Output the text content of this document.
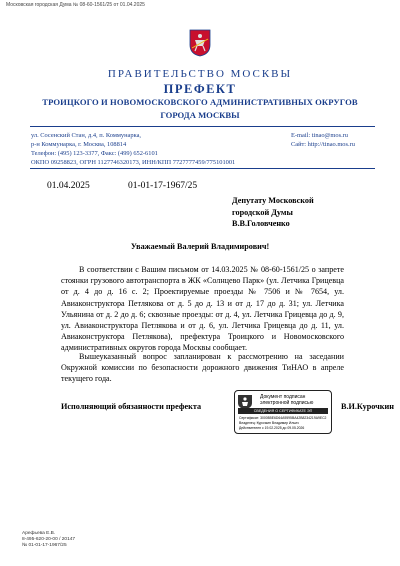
Московская городская Дума № 08-60-1561/25 от 01.04.2025
ПРАВИТЕЛЬСТВО МОСКВЫ
ПРЕФЕКТ
ТРОИЦКОГО И НОВОМОСКОВСКОГО АДМИНИСТРАТИВНЫХ ОКРУГОВ
ГОРОДА МОСКВЫ
ул. Сосенский Стан, д.4, п. Коммунарка,
р-н Коммунарка, г. Москва, 108814
Телефон: (495) 123-3377, Факс: (499) 652-6101
ОКПО 09258823, ОГРН 1127746320173, ИНН/КПП 7727777459/775101001
E-mail: tinao@mos.ru
Сайт: http://tinao.mos.ru
01.04.2025	01-01-17-1967/25
Депутату Московской
городской Думы
В.В.Головченко
Уважаемый Валерий Владимирович!
В соответствии с Вашим письмом от 14.03.2025 № 08-60-1561/25 о запрете стоянки грузового автотранспорта в ЖК «Солнцево Парк» (ул. Летчика Грицевца от д. 4 до д. 16 с. 2; Проектируемые проезды № 7506 и № 7654, ул. Авиаконструктора Петлякова от д. 5 до д. 13 и от д. 17 до д. 31; ул. Летчика Ульянина от д. 2 до д. 6; сквозные проезды: от д. 4, ул. Летчика Грицевца до д. 9, ул. Авиаконструктора Петлякова и от д. 6, ул. Летчика Грицевца до д. 11, ул. Авиаконструктора Петлякова), префектура Троицкого и Новомосковского административных округов города Москвы сообщает.
Вышеуказанный вопрос запланирован к рассмотрению на заседании Окружной комиссии по безопасности дорожного движения ТиНАО в апреле текущего года.
Исполняющий обязанности префекта
Документ подписан
электронной подписью
СВЕДЕНИЯ О СЕРТИФИКАТЕ ЭП
Сертификат: 3000B5E6D64A9595BA42B8234219A9EC2
Владелец: Курочкин Владимир Ильич
Действителен с 19.02.2025 до 09.05.2026
В.И.Курочкин
Арефьева Е.В.
8-495-620-20-00 / 20147
№ 01-01-17-1967/25
